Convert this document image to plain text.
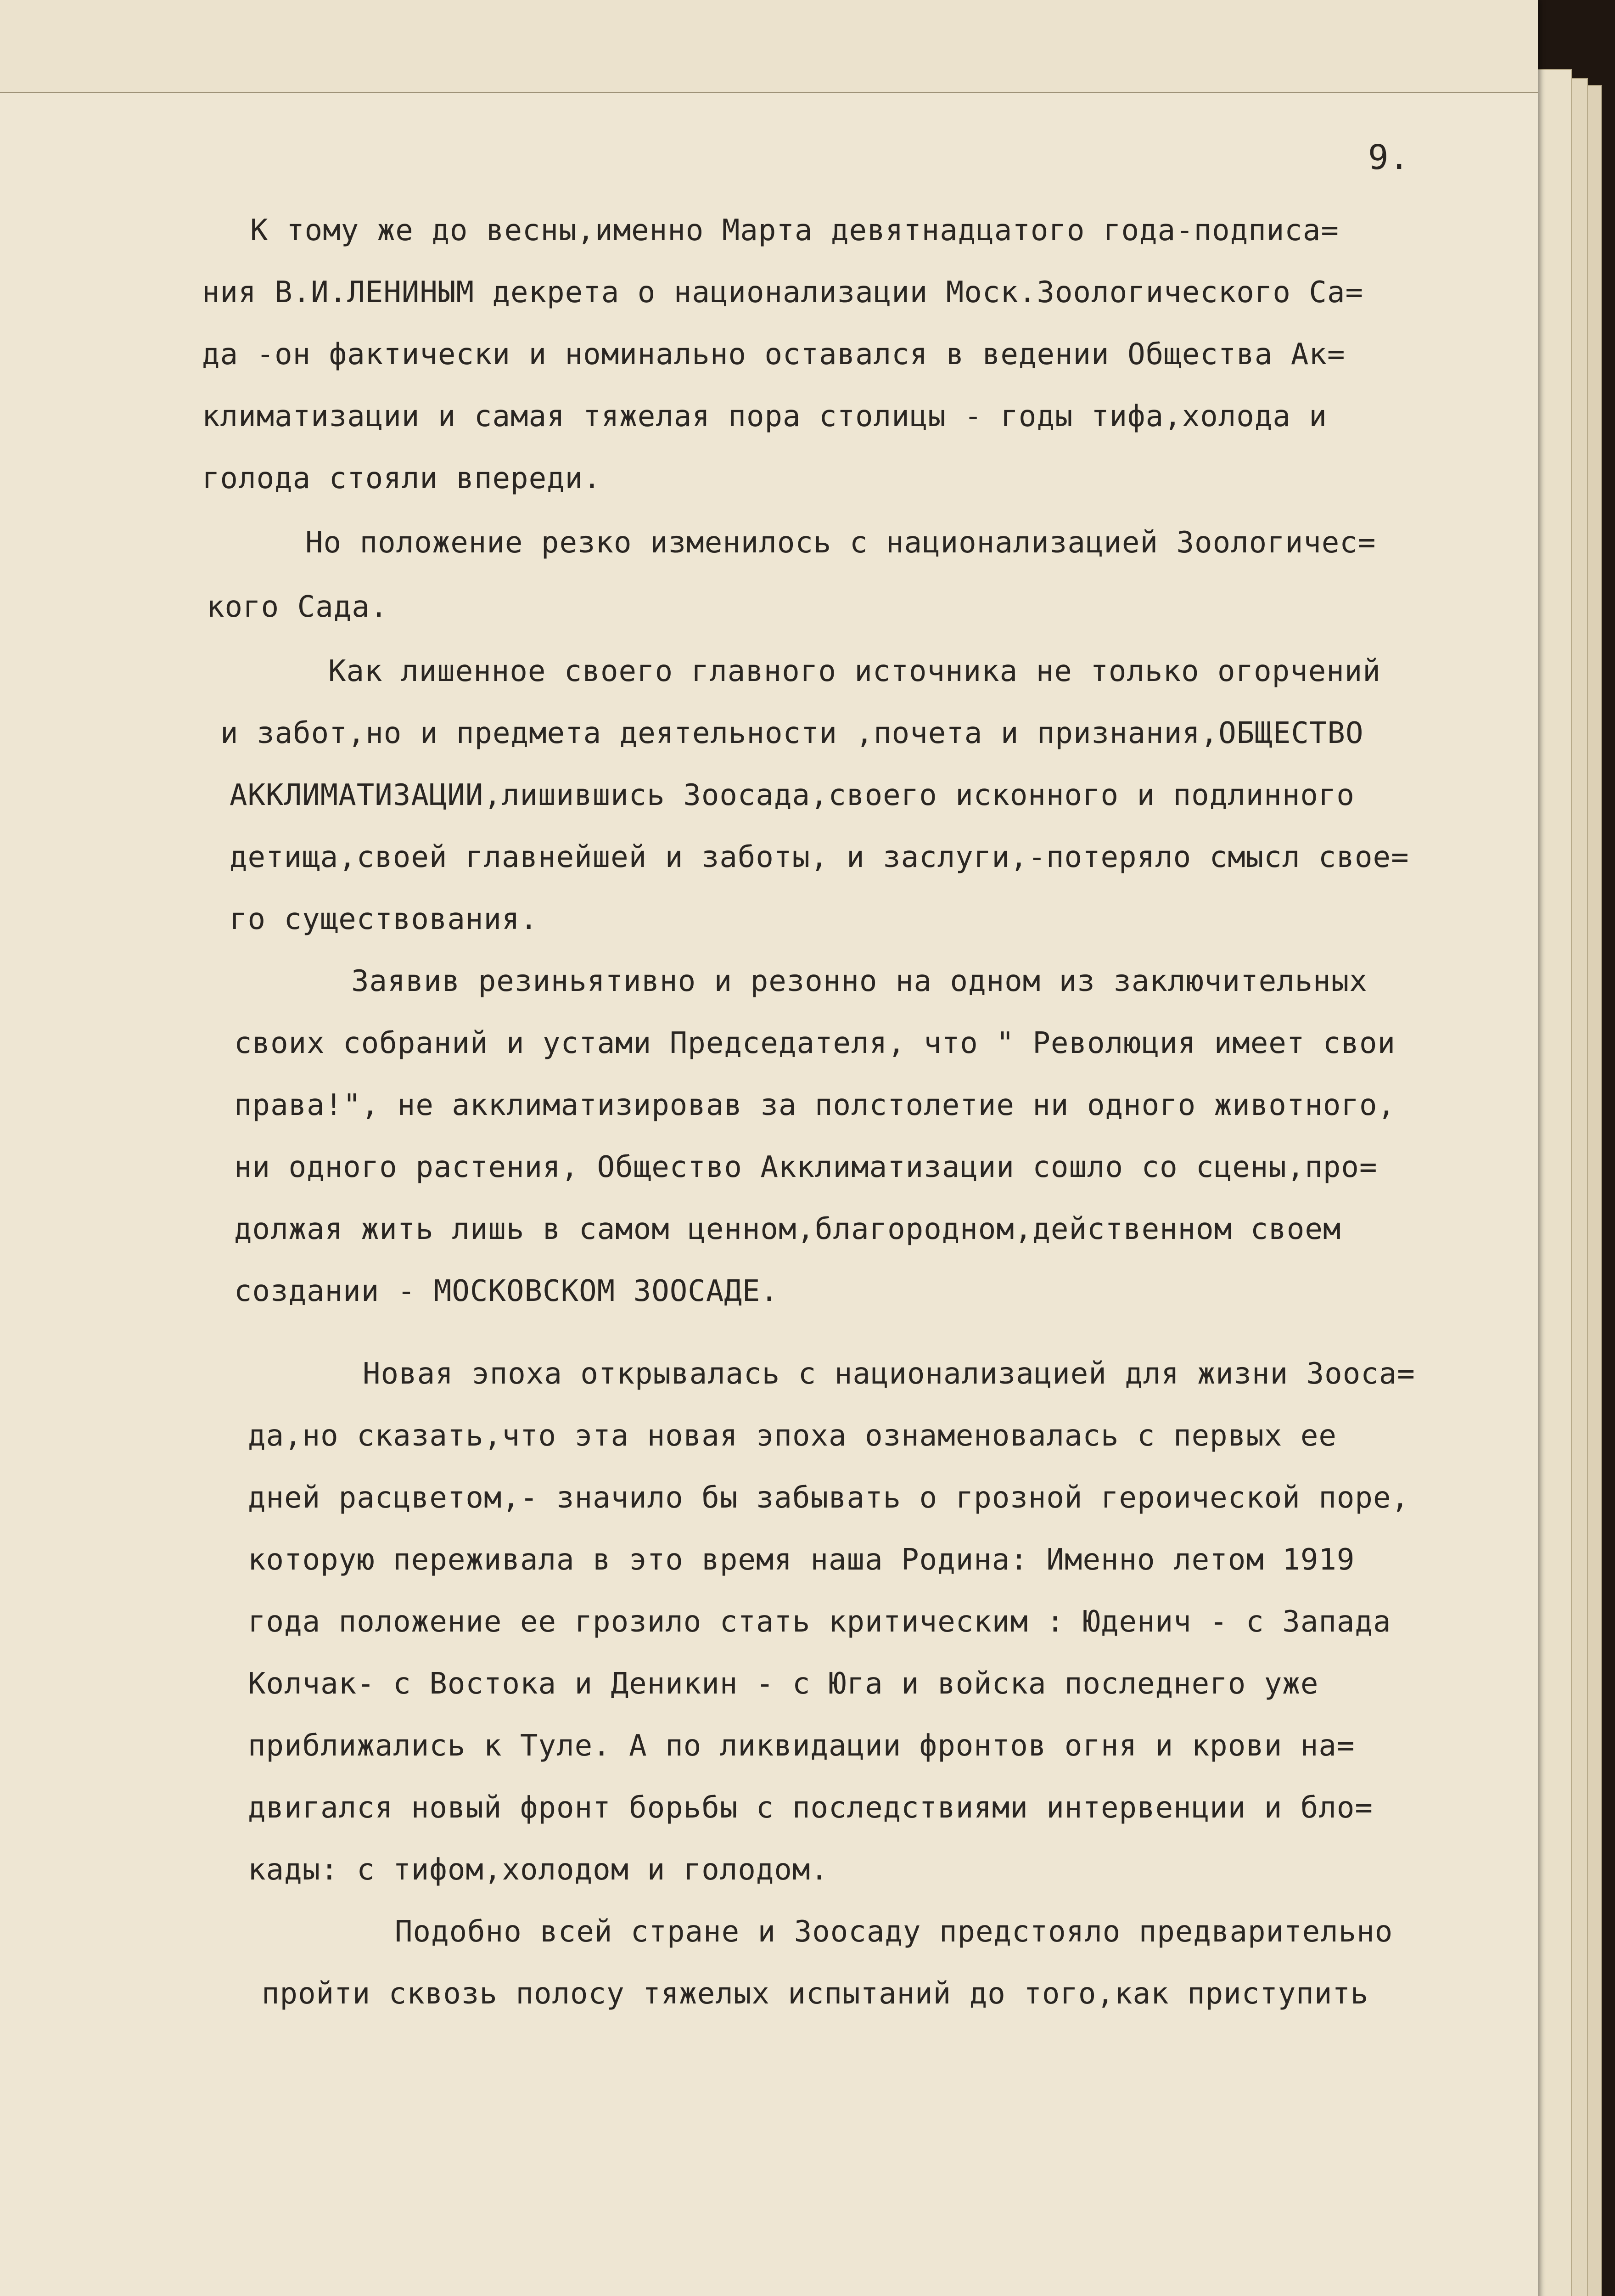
9.
К тому же до весны,именно Марта девятнадцатого года-подписа=
ния В.И.ЛЕНИНЫМ декрета о национализации Моск.Зоологического Са=
да -он фактически и номинально оставался в ведении Общества Ак=
климатизации и самая тяжелая пора столицы - годы тифа,холода и
голода стояли впереди.
Но положение резко изменилось с национализацией Зоологичес=
кого Сада.
Как лишенное своего главного источника не только огорчений
и забот,но и предмета деятельности ,почета и признания,ОБЩЕСТВО
АККЛИМАТИЗАЦИИ,лишившись Зоосада,своего исконного и подлинного
детища,своей главнейшей и заботы, и заслуги,-потеряло смысл свое=
го существования.
Заявив резиньятивно и резонно на одном из заключительных
своих собраний и устами Председателя, что " Революция имеет свои
права!", не акклиматизировав за полстолетие ни одного животного,
ни одного растения, Общество Акклиматизации сошло со сцены,про=
должая жить лишь в самом ценном,благородном,действенном своем
создании - МОСКОВСКОМ ЗООСАДЕ.
Новая эпоха открывалась с национализацией для жизни Зооса=
да,но сказать,что эта новая эпоха ознаменовалась с первых ее
дней расцветом,- значило бы забывать о грозной героической поре,
которую переживала в это время наша Родина: Именно летом 1919
года положение ее грозило стать критическим : Юденич - с Запада
Колчак- с Востока и Деникин - с Юга и войска последнего уже
приближались к Туле. А по ликвидации фронтов огня и крови на=
двигался новый фронт борьбы с последствиями интервенции и бло=
кады: с тифом,холодом и голодом.
Подобно всей стране и Зоосаду предстояло предварительно
пройти сквозь полосу тяжелых испытаний до того,как приступить
